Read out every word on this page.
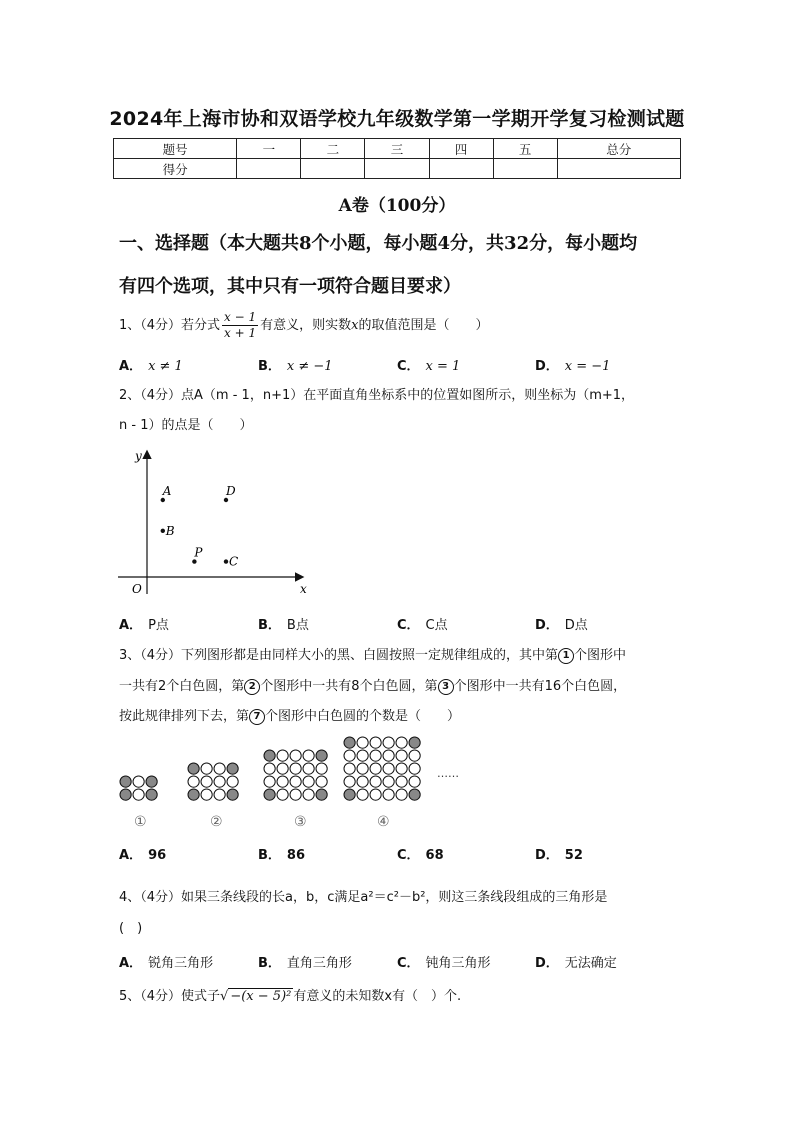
2024年上海市协和双语学校九年级数学第一学期开学复习检测试题
题号	一	二	三	四	五	总分
得分						
A卷（100分）
一、选择题（本大题共8个小题，每小题4分，共32分，每小题均
有四个选项，其中只有一项符合题目要求）
1、（4分）若分式 $\frac{x - 1}{x + 1}$ 有意义，则实数x的取值范围是（　　）
A． x ≠ 1	B． x ≠ −1	C． x = 1	D． x = −1
2、（4分）点A（m - 1，n+1）在平面直角坐标系中的位置如图所示，则坐标为（m+1，
n - 1）的点是（　　）
x
y
O
A	D
B
P
C
A． P点	B． B点	C． C点	D． D点
3、（4分）下列图形都是由同样大小的黑、白圆按照一定规律组成的，其中第 1 个图形中
一共有2个白色圆，第 2 个图形中一共有8个白色圆，第 3 个图形中一共有16个白色圆，
按此规律排列下去，第 7 个图形中白色圆的个数是（　　）
①	②	③	④
……
A． 96	B． 86	C． 68	D． 52
4、（4分）如果三条线段的长a，b，c满足a²＝c²－b²，则这三条线段组成的三角形是
(　)
A． 锐角三角形	B． 直角三角形	C． 钝角三角形	D． 无法确定
5、（4分）使式子√ −(x − 5)² 有意义的未知数x有（　）个.
